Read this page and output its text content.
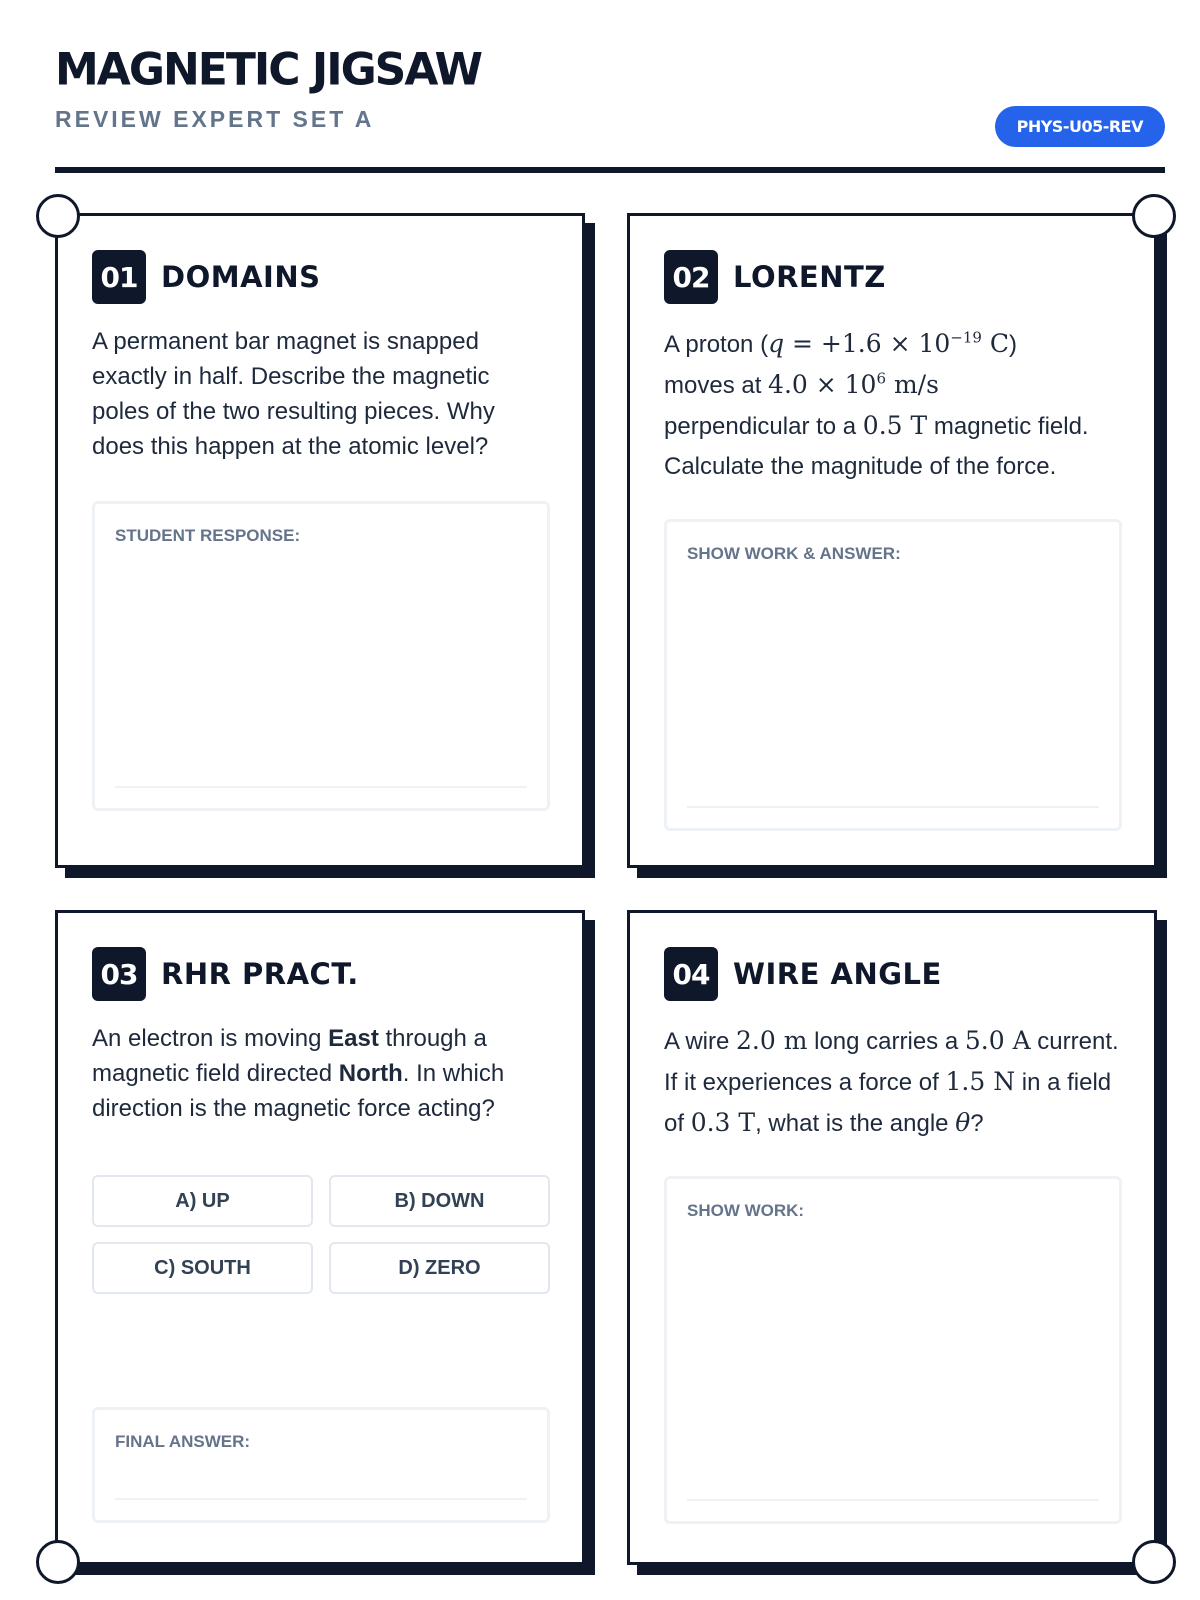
MAGNETIC JIGSAW
REVIEW EXPERT SET A	PHYS-U05-REV
01 DOMAINS
A permanent bar magnet is snapped exactly in half. Describe the magnetic poles of the two resulting pieces. Why does this happen at the atomic level?
STUDENT RESPONSE:
02 LORENTZ
A proton ($q = +1.6 \times 10^{-19}$ C)
moves at $4.0 \times 10^6$ m/s
perpendicular to a 0.5 T magnetic field. Calculate the magnitude of the force.
SHOW WORK & ANSWER:
03 RHR PRACT.
An electron is moving East through a magnetic field directed North. In which direction is the magnetic force acting?
A) UP	B) DOWN
C) SOUTH	D) ZERO
FINAL ANSWER:
04 WIRE ANGLE
A wire 2.0 m long carries a 5.0 A current. If it experiences a force of 1.5 N in a field of 0.3 T, what is the angle θ?
SHOW WORK:
